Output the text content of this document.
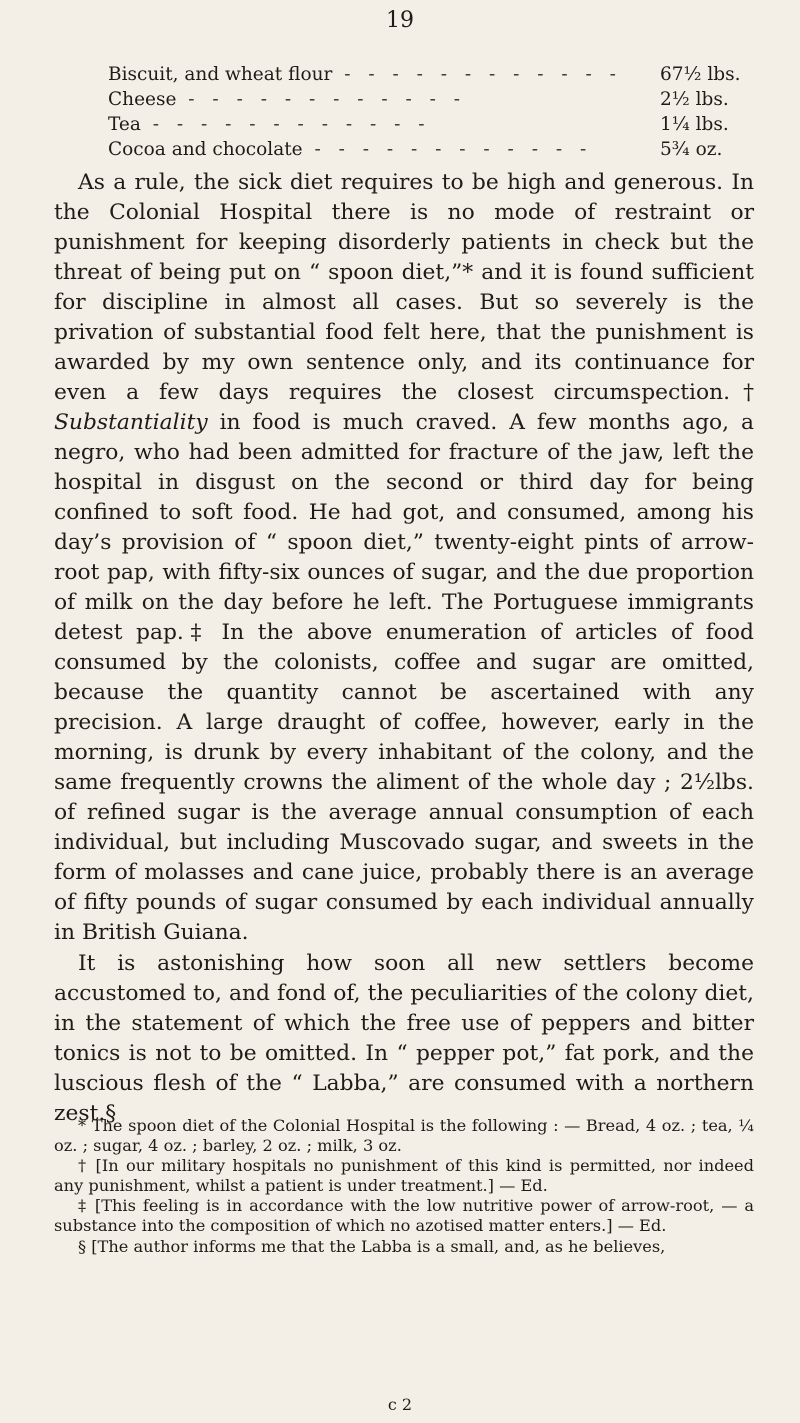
19
Biscuit, and wheat flour - -	67½ lbs.
Cheese - -	2½ lbs.
Tea - -	1¼ lbs.
Cocoa and chocolate - -	5¾ oz.

As a rule, the sick diet requires to be high and generous. In the Colonial Hospital there is no mode of restraint or punishment for keeping disorderly patients in check but the threat of being put on “ spoon diet,”* and it is found sufficient for discipline in almost all cases. But so severely is the privation of substantial food felt here, that the punishment is awarded by my own sentence only, and its continuance for even a few days requires the closest circumspection.† Substantiality in food is much craved. A few months ago, a negro, who had been admitted for fracture of the jaw, left the hospital in disgust on the second or third day for being confined to soft food. He had got, and consumed, among his day’s provision of “ spoon diet,” twenty-eight pints of arrow-root pap, with fifty-six ounces of sugar, and the due proportion of milk on the day before he left. The Portuguese immigrants detest pap.‡ In the above enumeration of articles of food consumed by the colonists, coffee and sugar are omitted, because the quantity cannot be ascertained with any precision. A large draught of coffee, however, early in the morning, is drunk by every inhabitant of the colony, and the same frequently crowns the aliment of the whole day ; 2½lbs. of refined sugar is the average annual consumption of each individual, but including Muscovado sugar, and sweets in the form of molasses and cane juice, probably there is an average of fifty pounds of sugar consumed by each individual annually in British Guiana.

It is astonishing how soon all new settlers become accustomed to, and fond of, the peculiarities of the colony diet, in the statement of which the free use of peppers and bitter tonics is not to be omitted. In “ pepper pot,” fat pork, and the luscious flesh of the “ Labba,” are consumed with a northern zest.§

* The spoon diet of the Colonial Hospital is the following : — Bread, 4 oz. ; tea, ¼ oz. ; sugar, 4 oz. ; barley, 2 oz. ; milk, 3 oz.

† [In our military hospitals no punishment of this kind is permitted, nor indeed any punishment, whilst a patient is under treatment.] — Ed.

‡ [This feeling is in accordance with the low nutritive power of arrow-root, — a substance into the composition of which no azotised matter enters.] — Ed.

§ [The author informs me that the Labba is a small, and, as he believes,

c 2
